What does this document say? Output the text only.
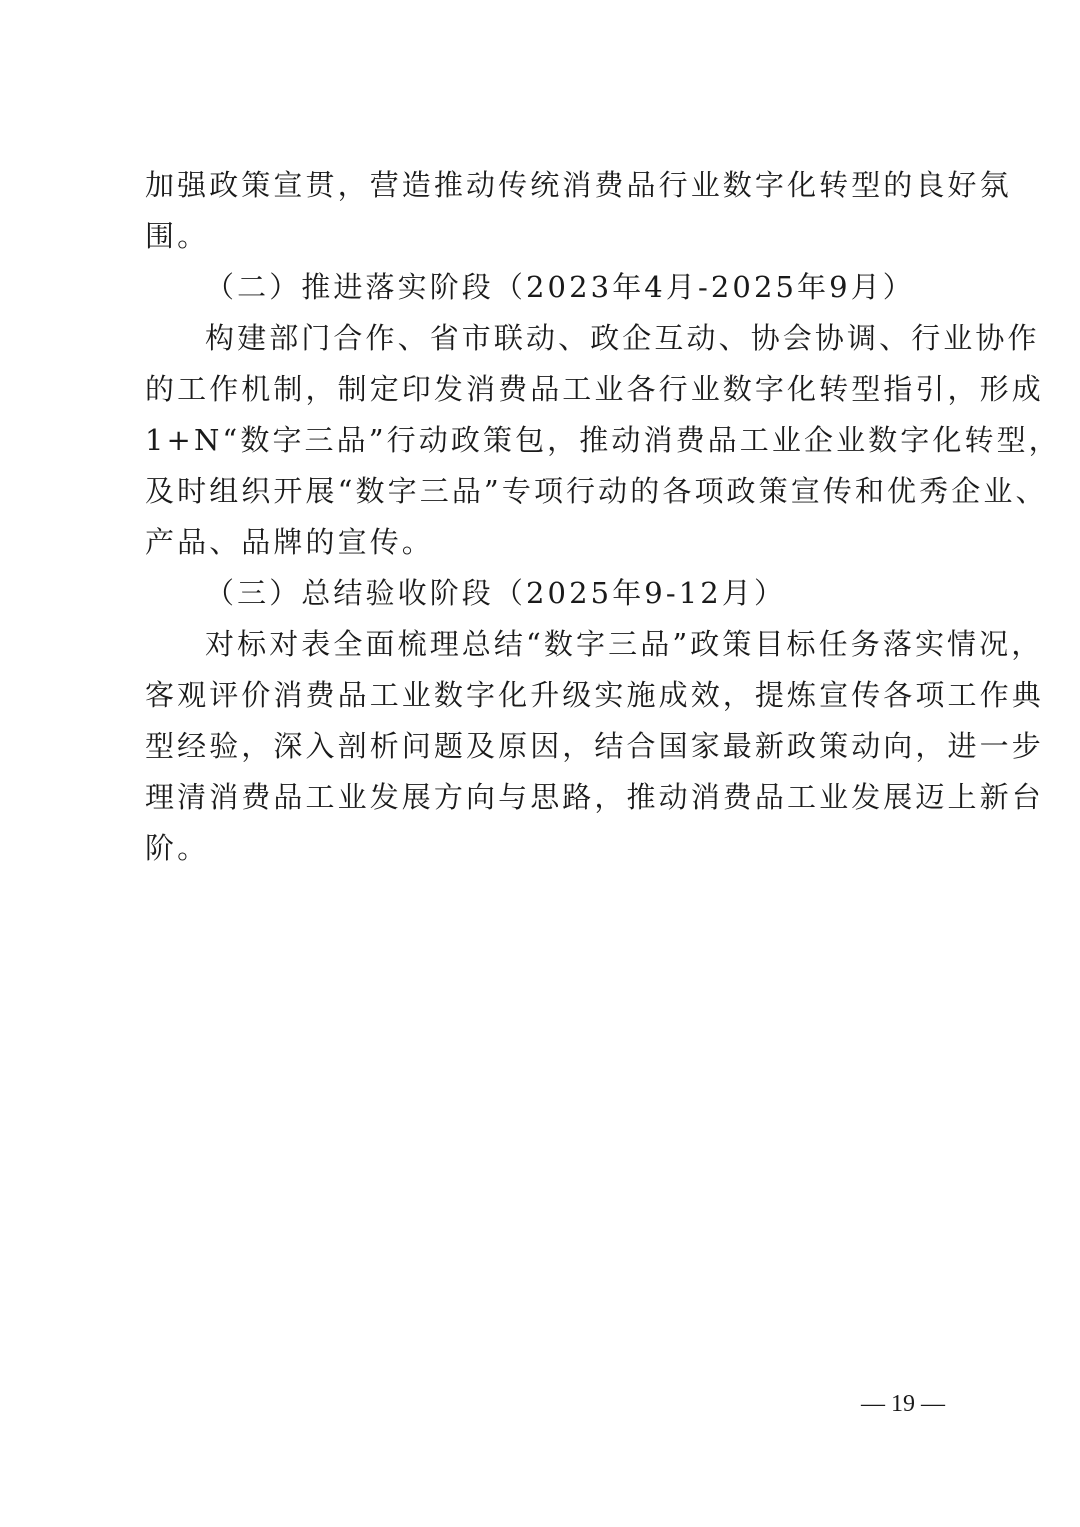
加强政策宣贯，营造推动传统消费品行业数字化转型的良好氛
围。
（二）推进落实阶段（2023年4月-2025年9月）
构建部门合作、省市联动、政企互动、协会协调、行业协作
的工作机制，制定印发消费品工业各行业数字化转型指引，形成
1+N“数字三品”行动政策包，推动消费品工业企业数字化转型，
及时组织开展“数字三品”专项行动的各项政策宣传和优秀企业、
产品、品牌的宣传。
（三）总结验收阶段（2025年9-12月）
对标对表全面梳理总结“数字三品”政策目标任务落实情况，
客观评价消费品工业数字化升级实施成效，提炼宣传各项工作典
型经验，深入剖析问题及原因，结合国家最新政策动向，进一步
理清消费品工业发展方向与思路，推动消费品工业发展迈上新台
阶。
— 19 —
